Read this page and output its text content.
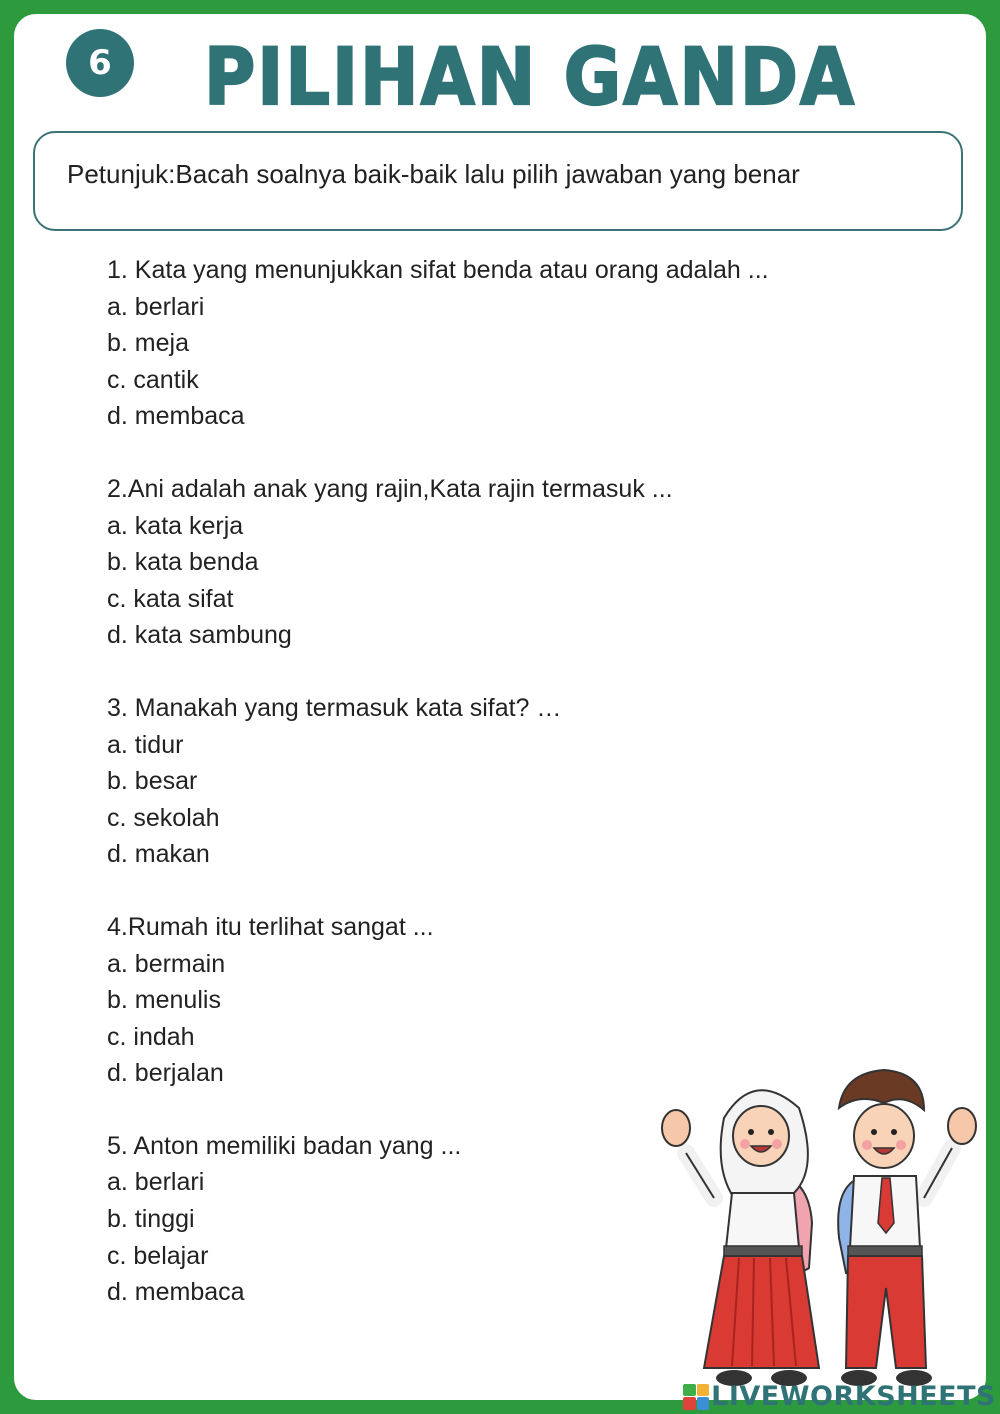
6	PILIHAN GANDA
Petunjuk:Bacah soalnya baik-baik lalu pilih jawaban yang benar
1. Kata yang menunjukkan sifat benda atau orang adalah ...
a. berlari
b. meja
c. cantik
d. membaca
2.Ani adalah anak yang rajin,Kata rajin termasuk ...
a. kata kerja
b. kata benda
c. kata sifat
d. kata sambung
3. Manakah yang termasuk kata sifat? …
a. tidur
b. besar
c. sekolah
d. makan
4.Rumah itu terlihat sangat ...
a. bermain
b. menulis
c. indah
d. berjalan
5. Anton memiliki badan yang ...
a. berlari
b. tinggi
c. belajar
d. membaca
LIVEWORKSHEETS
